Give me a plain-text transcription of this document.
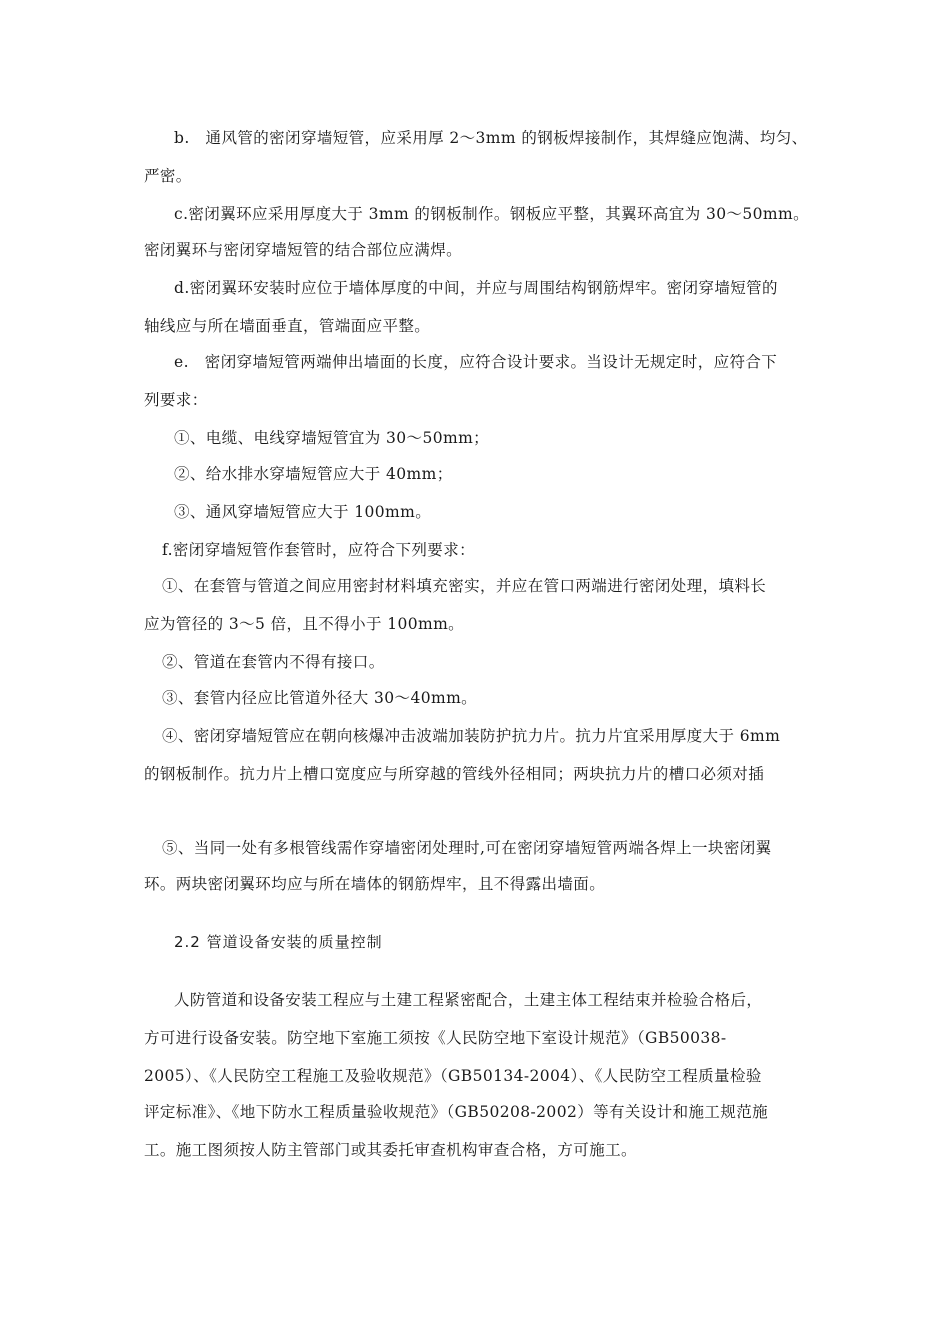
b.　通风管的密闭穿墙短管，应采用厚 2～3mm 的钢板焊接制作，其焊缝应饱满、均匀、
严密。
c.密闭翼环应采用厚度大于 3mm 的钢板制作。钢板应平整，其翼环高宜为 30～50mm。
密闭翼环与密闭穿墙短管的结合部位应满焊。
d.密闭翼环安装时应位于墙体厚度的中间，并应与周围结构钢筋焊牢。密闭穿墙短管的
轴线应与所在墙面垂直，管端面应平整。
e.　密闭穿墙短管两端伸出墙面的长度，应符合设计要求。当设计无规定时，应符合下
列要求：
①、电缆、电线穿墙短管宜为 30～50mm；
②、给水排水穿墙短管应大于 40mm；
③、通风穿墙短管应大于 100mm。
f.密闭穿墙短管作套管时，应符合下列要求：
①、在套管与管道之间应用密封材料填充密实，并应在管口两端进行密闭处理，填料长
应为管径的 3～5 倍，且不得小于 100mm。
②、管道在套管内不得有接口。
③、套管内径应比管道外径大 30～40mm。
④、密闭穿墙短管应在朝向核爆冲击波端加装防护抗力片。抗力片宜采用厚度大于 6mm
的钢板制作。抗力片上槽口宽度应与所穿越的管线外径相同；两块抗力片的槽口必须对插
⑤、当同一处有多根管线需作穿墙密闭处理时,可在密闭穿墙短管两端各焊上一块密闭翼
环。两块密闭翼环均应与所在墙体的钢筋焊牢，且不得露出墙面。
2.2 管道设备安装的质量控制
人防管道和设备安装工程应与土建工程紧密配合，土建主体工程结束并检验合格后，
方可进行设备安装。防空地下室施工须按《人民防空地下室设计规范》（GB50038-
2005）、《人民防空工程施工及验收规范》（GB50134-2004）、《人民防空工程质量检验
评定标准》、《地下防水工程质量验收规范》（GB50208-2002）等有关设计和施工规范施
工。施工图须按人防主管部门或其委托审查机构审查合格，方可施工。
